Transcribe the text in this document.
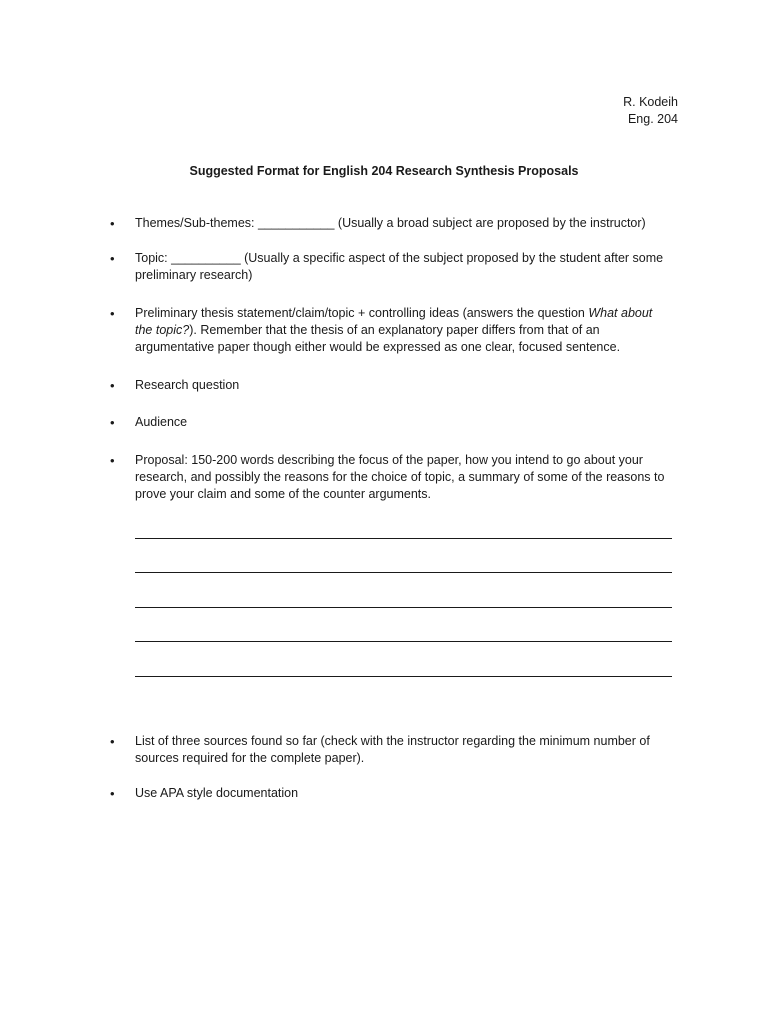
R. Kodeih
Eng. 204
Suggested Format for English 204 Research Synthesis Proposals
•	Themes/Sub-themes: ___________ (Usually a broad subject are proposed by the instructor)
•	Topic: __________ (Usually a specific aspect of the subject proposed by the student after some
preliminary research)
•	Preliminary thesis statement/claim/topic + controlling ideas (answers the question What about
the topic?). Remember that the thesis of an explanatory paper differs from that of an
argumentative paper though either would be expressed as one clear, focused sentence.
•	Research question
•	Audience
•	Proposal: 150-200 words describing the focus of the paper, how you intend to go about your
research, and possibly the reasons for the choice of topic, a summary of some of the reasons to
prove your claim and some of the counter arguments.
•	List of three sources found so far (check with the instructor regarding the minimum number of
sources required for the complete paper).
•	Use APA style documentation
